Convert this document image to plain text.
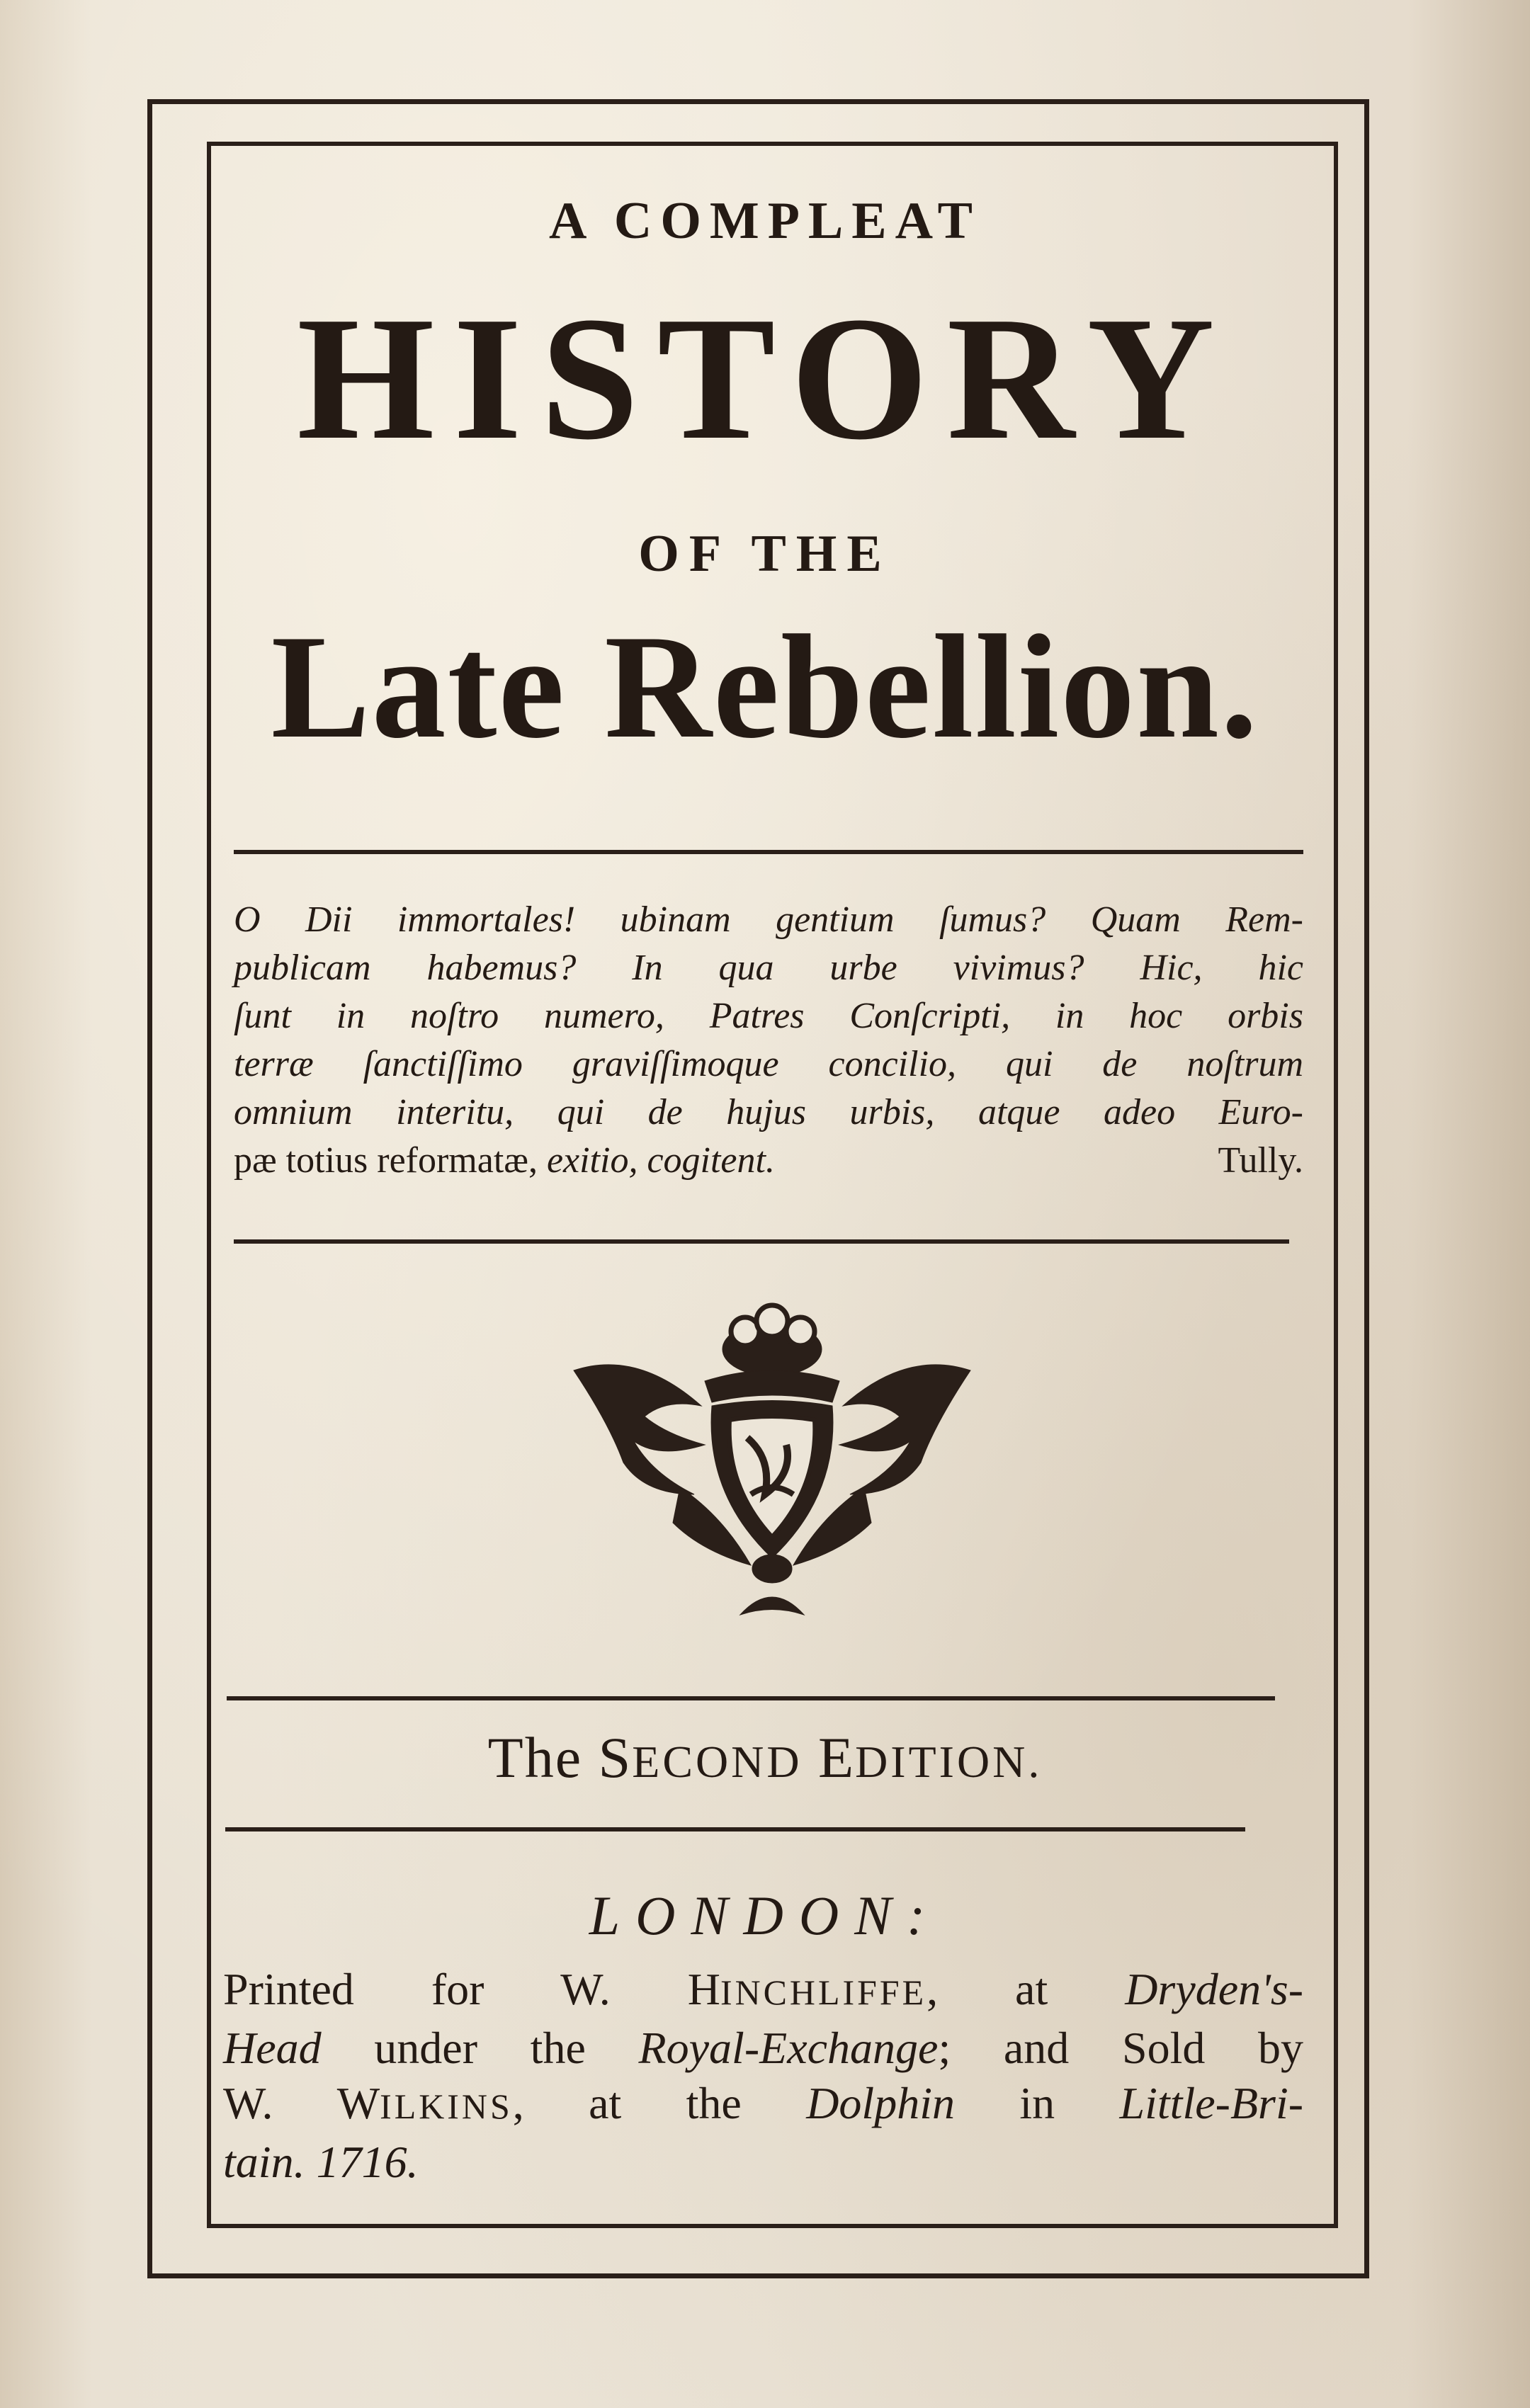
A COMPLEAT
HISTORY
OF THE
Late Rebellion.
O Dii immortales! ubinam gentium ſumus? Quam Rem-
publicam habemus? In qua urbe vivimus? Hic, hic
ſunt in noſtro numero, Patres Conſcripti, in hoc orbis
terræ ſanctiſſimo graviſſimoque concilio, qui de noſtrum
omnium interitu, qui de hujus urbis, atque adeo Euro-
pæ totius reformatæ, exitio, cogitent.	Tully.
The SECOND EDITION.
LONDON:
Printed for W. HINCHLIFFE, at Dryden's-
Head under the Royal-Exchange; and Sold by
W. WILKINS, at the Dolphin in Little-Bri-
tain. 1716.
